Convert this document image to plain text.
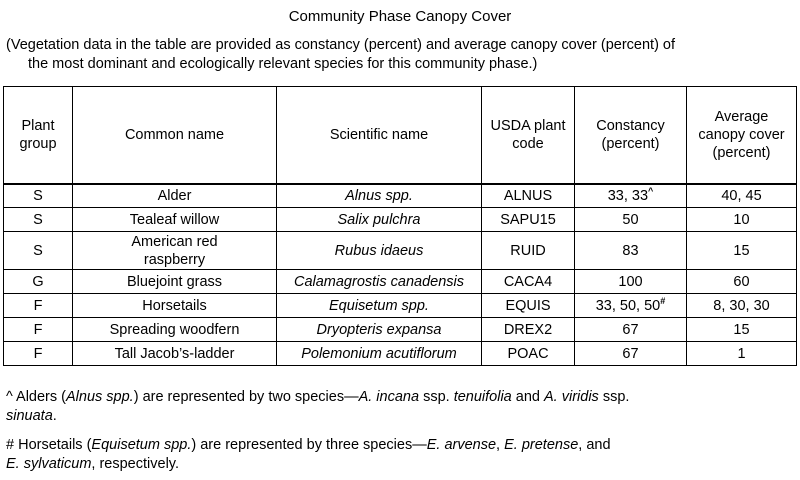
Community Phase Canopy Cover
(Vegetation data in the table are provided as constancy (percent) and average canopy cover (percent) of
the most dominant and ecologically relevant species for this community phase.)
Plant group	Common name	Scientific name	USDA plant code	Constancy (percent)	Average canopy cover (percent)
S	Alder	Alnus spp.	ALNUS	33, 33^	40, 45
S	Tealeaf willow	Salix pulchra	SAPU15	50	10
S	American red raspberry	Rubus idaeus	RUID	83	15
G	Bluejoint grass	Calamagrostis canadensis	CACA4	100	60
F	Horsetails	Equisetum spp.	EQUIS	33, 50, 50#	8, 30, 30
F	Spreading woodfern	Dryopteris expansa	DREX2	67	15
F	Tall Jacob’s-ladder	Polemonium acutiflorum	POAC	67	1
^ Alders (Alnus spp.) are represented by two species—A. incana ssp. tenuifolia and A. viridis ssp.
sinuata.
# Horsetails (Equisetum spp.) are represented by three species—E. arvense, E. pretense, and
E. sylvaticum, respectively.
